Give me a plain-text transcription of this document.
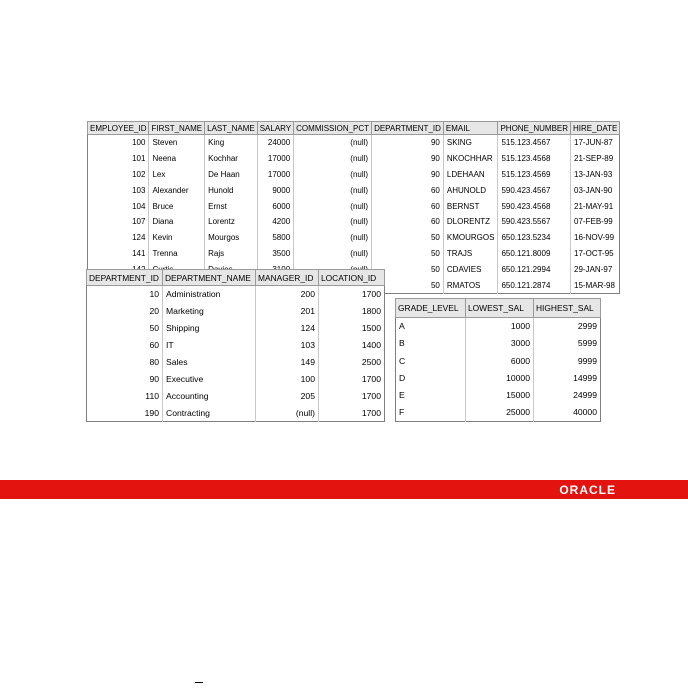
EMPLOYEE_ID	FIRST_NAME	LAST_NAME	SALARY	COMMISSION_PCT	DEPARTMENT_ID	EMAIL	PHONE_NUMBER	HIRE_DATE
100	Steven	King	24000	(null)	90	SKING	515.123.4567	17-JUN-87
101	Neena	Kochhar	17000	(null)	90	NKOCHHAR	515.123.4568	21-SEP-89
102	Lex	De Haan	17000	(null)	90	LDEHAAN	515.123.4569	13-JAN-93
103	Alexander	Hunold	9000	(null)	60	AHUNOLD	590.423.4567	03-JAN-90
104	Bruce	Ernst	6000	(null)	60	BERNST	590.423.4568	21-MAY-91
107	Diana	Lorentz	4200	(null)	60	DLORENTZ	590.423.5567	07-FEB-99
124	Kevin	Mourgos	5800	(null)	50	KMOURGOS	650.123.5234	16-NOV-99
141	Trenna	Rajs	3500	(null)	50	TRAJS	650.121.8009	17-OCT-95
					50	CDAVIES	650.121.2994	29-JAN-97
					50	RMATOS	650.121.2874	15-MAR-98
DEPARTMENT_ID	DEPARTMENT_NAME	MANAGER_ID	LOCATION_ID
10	Administration	200	1700
20	Marketing	201	1800
50	Shipping	124	1500
60	IT	103	1400
80	Sales	149	2500
90	Executive	100	1700
110	Accounting	205	1700
190	Contracting	(null)	1700
GRADE_LEVEL	LOWEST_SAL	HIGHEST_SAL
A	1000	2999
B	3000	5999
C	6000	9999
D	10000	14999
E	15000	24999
F	25000	40000
ORACLE
